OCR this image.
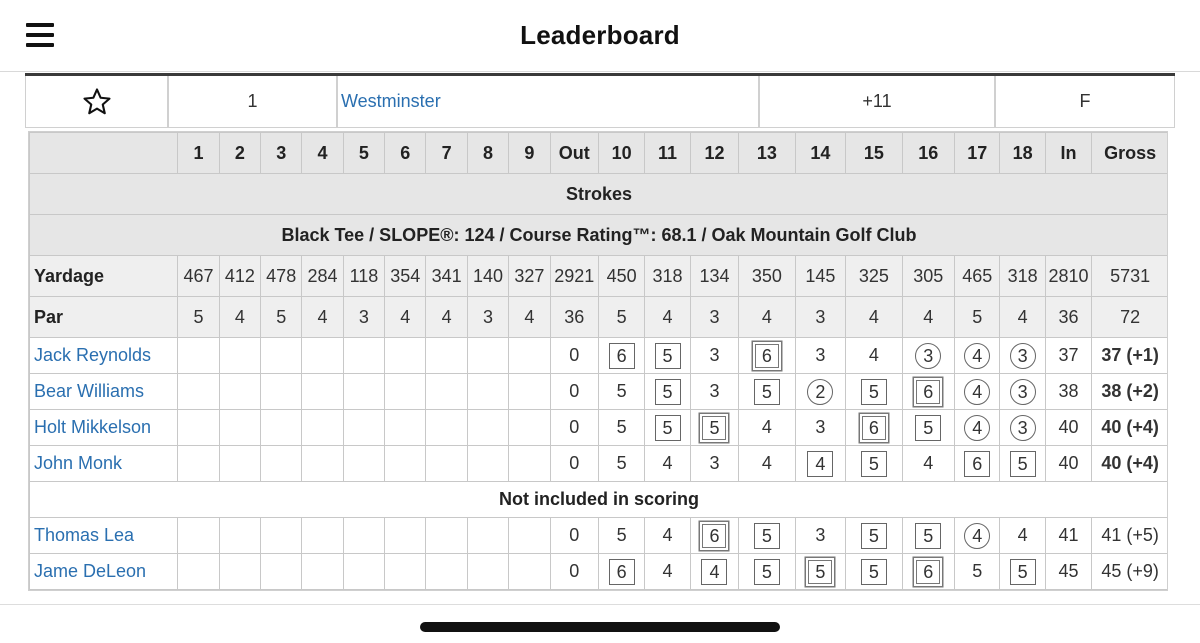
Leaderboard
1	Westminster	+11	F
	1	2	3	4	5	6	7	8	9	Out	10	11	12	13	14	15	16	17	18	In	Gross
Strokes																					
Black Tee / SLOPE®: 124 / Course Rating™: 68.1 / Oak Mountain Golf Club																					
Yardage	467	412	478	284	118	354	341	140	327	2921	450	318	134	350	145	325	305	465	318	2810	5731
Par	5	4	5	4	3	4	4	3	4	36	5	4	3	4	3	4	4	5	4	36	72
Jack Reynolds										0	6	5	3	6	3	4	3	4	3	37	37 (+1)
Bear Williams										0	5	5	3	5	2	5	6	4	3	38	38 (+2)
Holt Mikkelson										0	5	5	5	4	3	6	5	4	3	40	40 (+4)
John Monk										0	5	4	3	4	4	5	4	6	5	40	40 (+4)
Not included in scoring																					
Thomas Lea										0	5	4	6	5	3	5	5	4	4	41	41 (+5)
Jame DeLeon										0	6	4	4	5	5	5	6	5	5	45	45 (+9)
